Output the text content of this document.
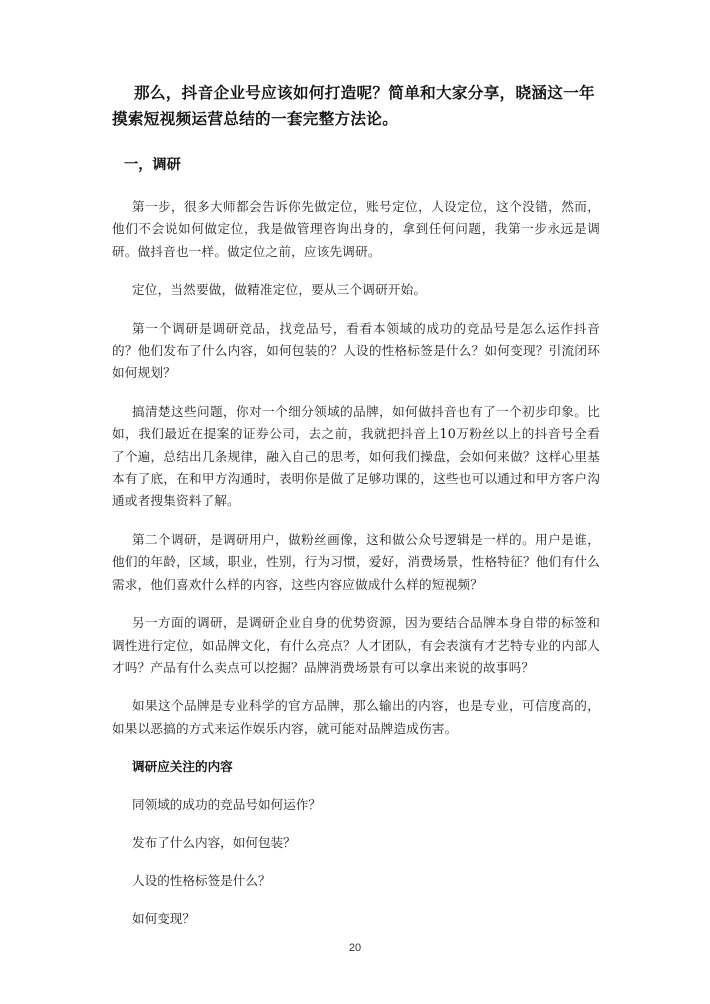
那么，抖音企业号应该如何打造呢？简单和大家分享，晓涵这一年摸索短视频运营总结的一套完整方法论。

一，调研

第一步，很多大师都会告诉你先做定位，账号定位，人设定位，这个没错，然而，他们不会说如何做定位，我是做管理咨询出身的，拿到任何问题，我第一步永远是调研。做抖音也一样。做定位之前，应该先调研。

定位，当然要做，做精准定位，要从三个调研开始。

第一个调研是调研竞品，找竞品号，看看本领域的成功的竞品号是怎么运作抖音的？他们发布了什么内容，如何包装的？人设的性格标签是什么？如何变现？引流闭环如何规划？

搞清楚这些问题，你对一个细分领域的品牌，如何做抖音也有了一个初步印象。比如，我们最近在提案的证券公司，去之前，我就把抖音上10万粉丝以上的抖音号全看了个遍，总结出几条规律，融入自己的思考，如何我们操盘，会如何来做？这样心里基本有了底，在和甲方沟通时，表明你是做了足够功课的，这些也可以通过和甲方客户沟通或者搜集资料了解。

第二个调研，是调研用户，做粉丝画像，这和做公众号逻辑是一样的。用户是谁，他们的年龄，区域，职业，性别，行为习惯，爱好，消费场景，性格特征？他们有什么需求，他们喜欢什么样的内容，这些内容应做成什么样的短视频？

另一方面的调研，是调研企业自身的优势资源，因为要结合品牌本身自带的标签和调性进行定位，如品牌文化，有什么亮点？人才团队，有会表演有才艺特专业的内部人才吗？产品有什么卖点可以挖掘？品牌消费场景有可以拿出来说的故事吗？

如果这个品牌是专业科学的官方品牌，那么输出的内容，也是专业，可信度高的，如果以恶搞的方式来运作娱乐内容，就可能对品牌造成伤害。

调研应关注的内容
同领域的成功的竞品号如何运作？
发布了什么内容，如何包装？
人设的性格标签是什么？
如何变现？
20
